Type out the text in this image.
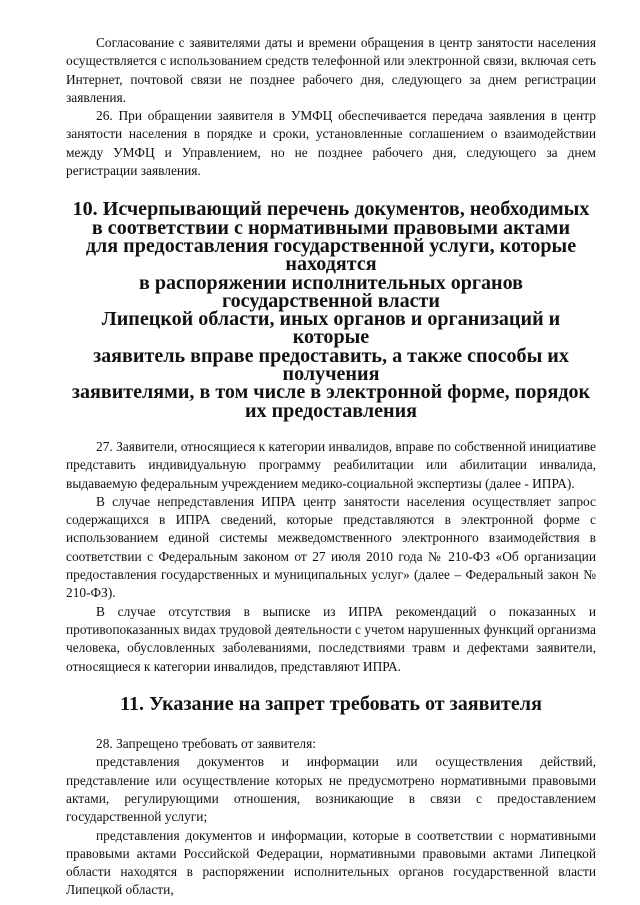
Согласование с заявителями даты и времени обращения в центр занятости населения осуществляется с использованием средств телефонной или электронной связи, включая сеть Интернет, почтовой связи не позднее рабочего дня, следующего за днем регистрации заявления.

26. При обращении заявителя в УМФЦ обеспечивается передача заявления в центр занятости населения в порядке и сроки, установленные соглашением о взаимодействии между УМФЦ и Управлением, но не позднее рабочего дня, следующего за днем регистрации заявления.

10. Исчерпывающий перечень документов, необходимых
в соответствии с нормативными правовыми актами
для предоставления государственной услуги, которые находятся
в распоряжении исполнительных органов государственной власти
Липецкой области, иных органов и организаций и которые
заявитель вправе предоставить, а также способы их получения
заявителями, в том числе в электронной форме, порядок
их предоставления

27. Заявители, относящиеся к категории инвалидов, вправе по собственной инициативе представить индивидуальную программу реабилитации или абилитации инвалида, выдаваемую федеральным учреждением медико-социальной экспертизы (далее - ИПРА).

В случае непредставления ИПРА центр занятости населения осуществляет запрос содержащихся в ИПРА сведений, которые представляются в электронной форме с использованием единой системы межведомственного электронного взаимодействия в соответствии с Федеральным законом от 27 июля 2010 года № 210-ФЗ «Об организации предоставления государственных и муниципальных услуг» (далее – Федеральный закон № 210-ФЗ).

В случае отсутствия в выписке из ИПРА рекомендаций о показанных и противопоказанных видах трудовой деятельности с учетом нарушенных функций организма человека, обусловленных заболеваниями, последствиями травм и дефектами заявители, относящиеся к категории инвалидов, представляют ИПРА.

11. Указание на запрет требовать от заявителя

28. Запрещено требовать от заявителя:

представления документов и информации или осуществления действий, представление или осуществление которых не предусмотрено нормативными правовыми актами, регулирующими отношения, возникающие в связи с предоставлением государственной услуги;

представления документов и информации, которые в соответствии с нормативными правовыми актами Российской Федерации, нормативными правовыми актами Липецкой области находятся в распоряжении исполнительных органов государственной власти Липецкой области,
